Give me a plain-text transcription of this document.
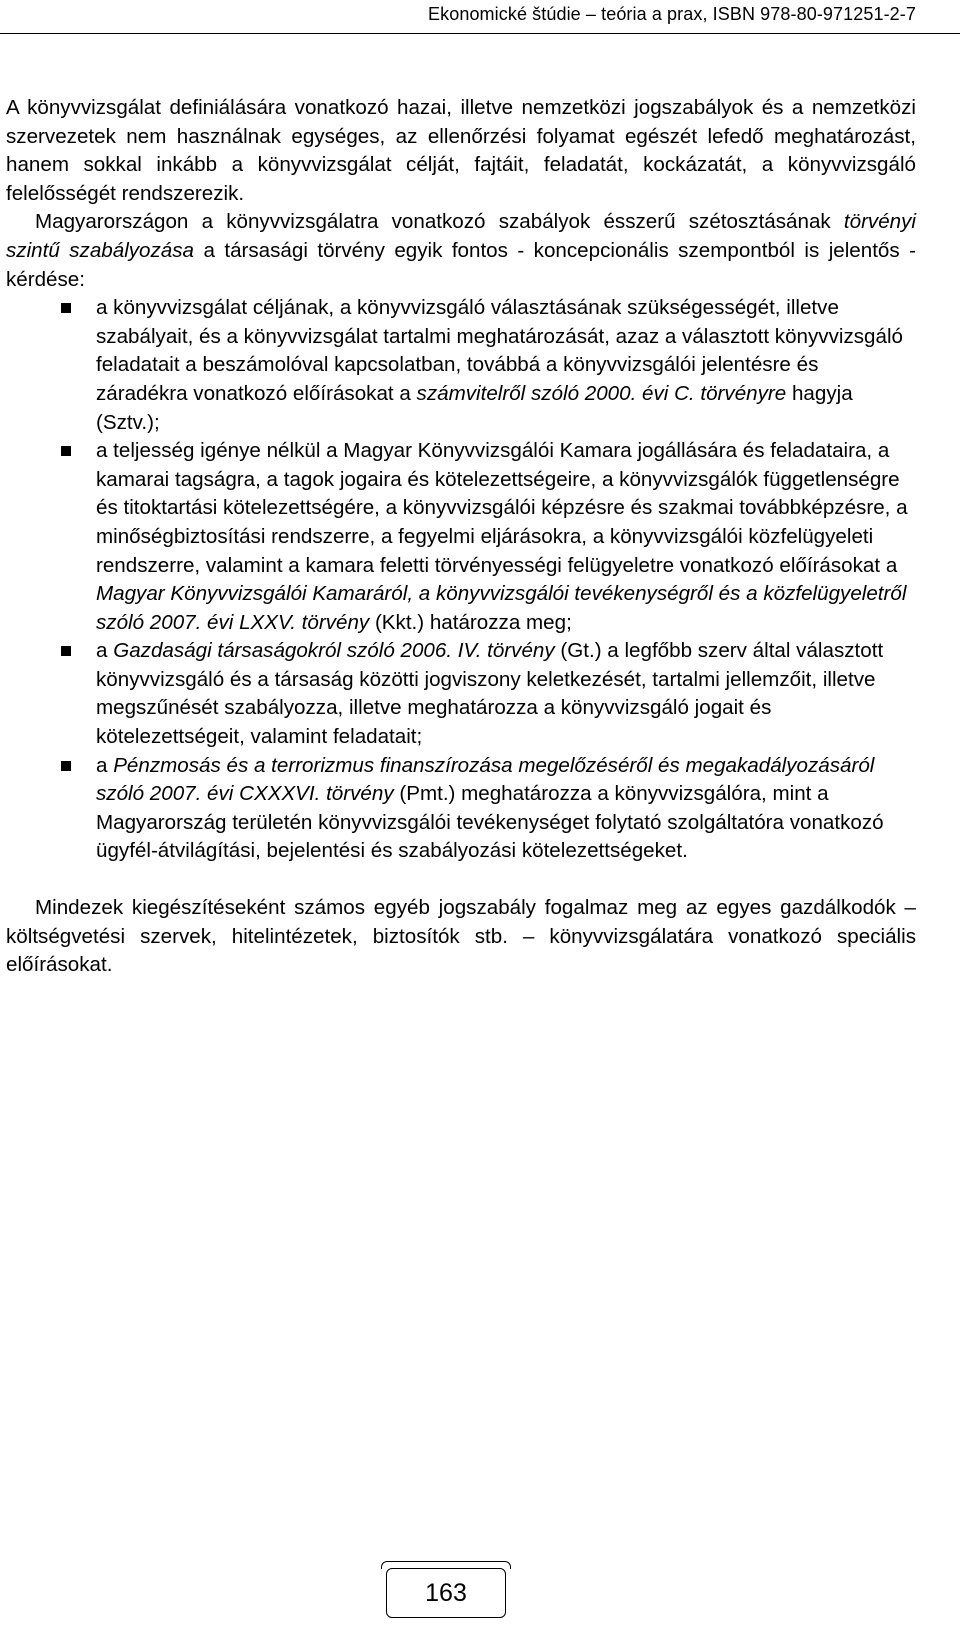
Ekonomické štúdie – teória a prax, ISBN 978-80-971251-2-7

A könyvvizsgálat definiálására vonatkozó hazai, illetve nemzetközi jogszabályok és a nemzetközi szervezetek nem használnak egységes, az ellenőrzési folyamat egészét lefedő meghatározást, hanem sokkal inkább a könyvvizsgálat célját, fajtáit, feladatát, kockázatát, a könyvvizsgáló felelősségét rendszerezik.

Magyarországon a könyvvizsgálatra vonatkozó szabályok ésszerű szétosztásának törvényi szintű szabályozása a társasági törvény egyik fontos - koncepcionális szempontból is jelentős - kérdése:

a könyvvizsgálat céljának, a könyvvizsgáló választásának szükségességét, illetve szabályait, és a könyvvizsgálat tartalmi meghatározását, azaz a választott könyvvizsgáló feladatait a beszámolóval kapcsolatban, továbbá a könyvvizsgálói jelentésre és záradékra vonatkozó előírásokat a számvitelről szóló 2000. évi C. törvényre hagyja (Sztv.);
a teljesség igénye nélkül a Magyar Könyvvizsgálói Kamara jogállására és feladataira, a kamarai tagságra, a tagok jogaira és kötelezettségeire, a könyvvizsgálók függetlenségre és titoktartási kötelezettségére, a könyvvizsgálói képzésre és szakmai továbbképzésre, a minőségbiztosítási rendszerre, a fegyelmi eljárásokra, a könyvvizsgálói közfelügyeleti rendszerre, valamint a kamara feletti törvényességi felügyeletre vonatkozó előírásokat a Magyar Könyvvizsgálói Kamaráról, a könyvvizsgálói tevékenységről és a közfelügyeletről szóló 2007. évi LXXV. törvény (Kkt.) határozza meg;
a Gazdasági társaságokról szóló 2006. IV. törvény (Gt.) a legfőbb szerv által választott könyvvizsgáló és a társaság közötti jogviszony keletkezését, tartalmi jellemzőit, illetve megszűnését szabályozza, illetve meghatározza a könyvvizsgáló jogait és kötelezettségeit, valamint feladatait;
a Pénzmosás és a terrorizmus finanszírozása megelőzéséről és megakadályozásáról szóló 2007. évi CXXXVI. törvény (Pmt.) meghatározza a könyvvizsgálóra, mint a Magyarország területén könyvvizsgálói tevékenységet folytató szolgáltatóra vonatkozó ügyfél-átvilágítási, bejelentési és szabályozási kötelezettségeket.

Mindezek kiegészítéseként számos egyéb jogszabály fogalmaz meg az egyes gazdálkodók – költségvetési szervek, hitelintézetek, biztosítók stb. – könyvvizsgálatára vonatkozó speciális előírásokat.

163
